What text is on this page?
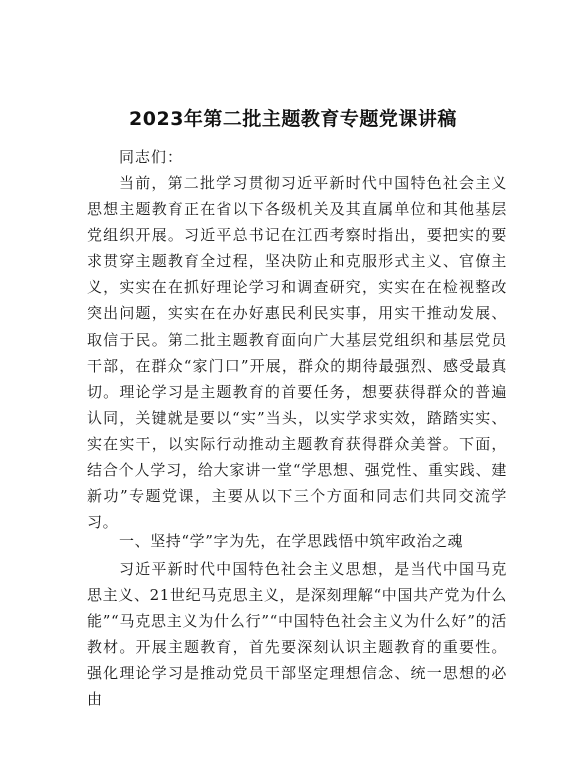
2023年第二批主题教育专题党课讲稿
同志们：

当前，第二批学习贯彻习近平新时代中国特色社会主义思想主题教育正在省以下各级机关及其直属单位和其他基层党组织开展。习近平总书记在江西考察时指出，要把实的要求贯穿主题教育全过程，坚决防止和克服形式主义、官僚主义，实实在在抓好理论学习和调查研究，实实在在检视整改突出问题，实实在在办好惠民利民实事，用实干推动发展、取信于民。第二批主题教育面向广大基层党组织和基层党员干部，在群众“家门口”开展，群众的期待最强烈、感受最真切。理论学习是主题教育的首要任务，想要获得群众的普遍认同，关键就是要以“实”当头，以实学求实效，踏踏实实、实在实干，以实际行动推动主题教育获得群众美誉。下面，结合个人学习，给大家讲一堂“学思想、强党性、重实践、建新功”专题党课，主要从以下三个方面和同志们共同交流学习。

一、坚持“学”字为先，在学思践悟中筑牢政治之魂

习近平新时代中国特色社会主义思想，是当代中国马克思主义、21世纪马克思主义，是深刻理解“中国共产党为什么能”“马克思主义为什么行”“中国特色社会主义为什么好”的活教材。开展主题教育，首先要深刻认识主题教育的重要性。强化理论学习是推动党员干部坚定理想信念、统一思想的必由
